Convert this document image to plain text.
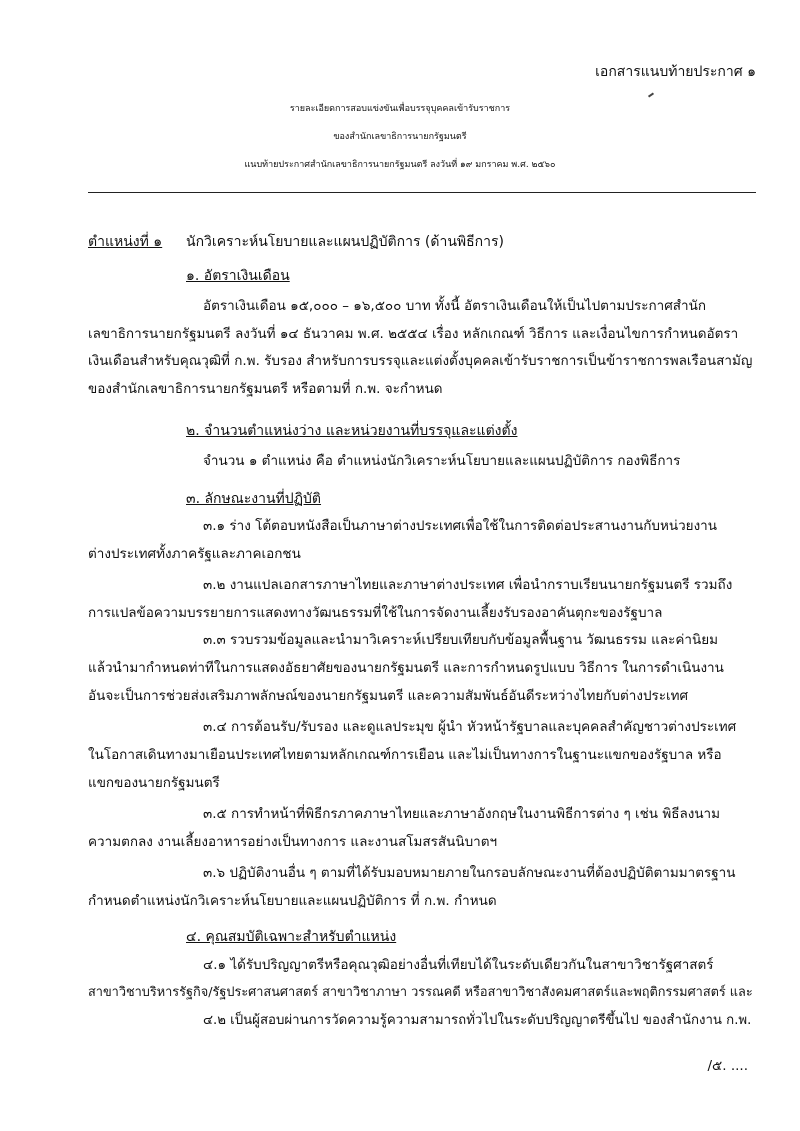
เอกสารแนบท้ายประกาศ ๑
รายละเอียดการสอบแข่งขันเพื่อบรรจุบุคคลเข้ารับราชการ
ของสำนักเลขาธิการนายกรัฐมนตรี
แนบท้ายประกาศสำนักเลขาธิการนายกรัฐมนตรี ลงวันที่ ๑๙ มกราคม พ.ศ. ๒๕๖๐
ตำแหน่งที่ ๑ นักวิเคราะห์นโยบายและแผนปฏิบัติการ (ด้านพิธีการ)
๑. อัตราเงินเดือน
อัตราเงินเดือน ๑๕,๐๐๐ – ๑๖,๕๐๐ บาท ทั้งนี้ อัตราเงินเดือนให้เป็นไปตามประกาศสำนัก
เลขาธิการนายกรัฐมนตรี ลงวันที่ ๑๔ ธันวาคม พ.ศ. ๒๕๕๔ เรื่อง หลักเกณฑ์ วิธีการ และเงื่อนไขการกำหนดอัตรา
เงินเดือนสำหรับคุณวุฒิที่ ก.พ. รับรอง สำหรับการบรรจุและแต่งตั้งบุคคลเข้ารับราชการเป็นข้าราชการพลเรือนสามัญ
ของสำนักเลขาธิการนายกรัฐมนตรี หรือตามที่ ก.พ. จะกำหนด
๒. จำนวนตำแหน่งว่าง และหน่วยงานที่บรรจุและแต่งตั้ง
จำนวน ๑ ตำแหน่ง คือ ตำแหน่งนักวิเคราะห์นโยบายและแผนปฏิบัติการ กองพิธีการ
๓. ลักษณะงานที่ปฏิบัติ
๓.๑ ร่าง โต้ตอบหนังสือเป็นภาษาต่างประเทศเพื่อใช้ในการติดต่อประสานงานกับหน่วยงาน
ต่างประเทศทั้งภาครัฐและภาคเอกชน
๓.๒ งานแปลเอกสารภาษาไทยและภาษาต่างประเทศ เพื่อนำกราบเรียนนายกรัฐมนตรี รวมถึง
การแปลข้อความบรรยายการแสดงทางวัฒนธรรมที่ใช้ในการจัดงานเลี้ยงรับรองอาคันตุกะของรัฐบาล
๓.๓ รวบรวมข้อมูลและนำมาวิเคราะห์เปรียบเทียบกับข้อมูลพื้นฐาน วัฒนธรรม และค่านิยม
แล้วนำมากำหนดท่าทีในการแสดงอัธยาศัยของนายกรัฐมนตรี และการกำหนดรูปแบบ วิธีการ ในการดำเนินงาน
อันจะเป็นการช่วยส่งเสริมภาพลักษณ์ของนายกรัฐมนตรี และความสัมพันธ์อันดีระหว่างไทยกับต่างประเทศ
๓.๔ การต้อนรับ/รับรอง และดูแลประมุข ผู้นำ หัวหน้ารัฐบาลและบุคคลสำคัญชาวต่างประเทศ
ในโอกาสเดินทางมาเยือนประเทศไทยตามหลักเกณฑ์การเยือน และไม่เป็นทางการในฐานะแขกของรัฐบาล หรือ
แขกของนายกรัฐมนตรี
๓.๕ การทำหน้าที่พิธีกรภาคภาษาไทยและภาษาอังกฤษในงานพิธีการต่าง ๆ เช่น พิธีลงนาม
ความตกลง งานเลี้ยงอาหารอย่างเป็นทางการ และงานสโมสรสันนิบาตฯ
๓.๖ ปฏิบัติงานอื่น ๆ ตามที่ได้รับมอบหมายภายในกรอบลักษณะงานที่ต้องปฏิบัติตามมาตรฐาน
กำหนดตำแหน่งนักวิเคราะห์นโยบายและแผนปฏิบัติการ ที่ ก.พ. กำหนด
๔. คุณสมบัติเฉพาะสำหรับตำแหน่ง
๔.๑ ได้รับปริญญาตรีหรือคุณวุฒิอย่างอื่นที่เทียบได้ในระดับเดียวกันในสาขาวิชารัฐศาสตร์
สาขาวิชาบริหารรัฐกิจ/รัฐประศาสนศาสตร์ สาขาวิชาภาษา วรรณคดี หรือสาขาวิชาสังคมศาสตร์และพฤติกรรมศาสตร์ และ
๔.๒ เป็นผู้สอบผ่านการวัดความรู้ความสามารถทั่วไปในระดับปริญญาตรีขึ้นไป ของสำนักงาน ก.พ.
/๕. ....
